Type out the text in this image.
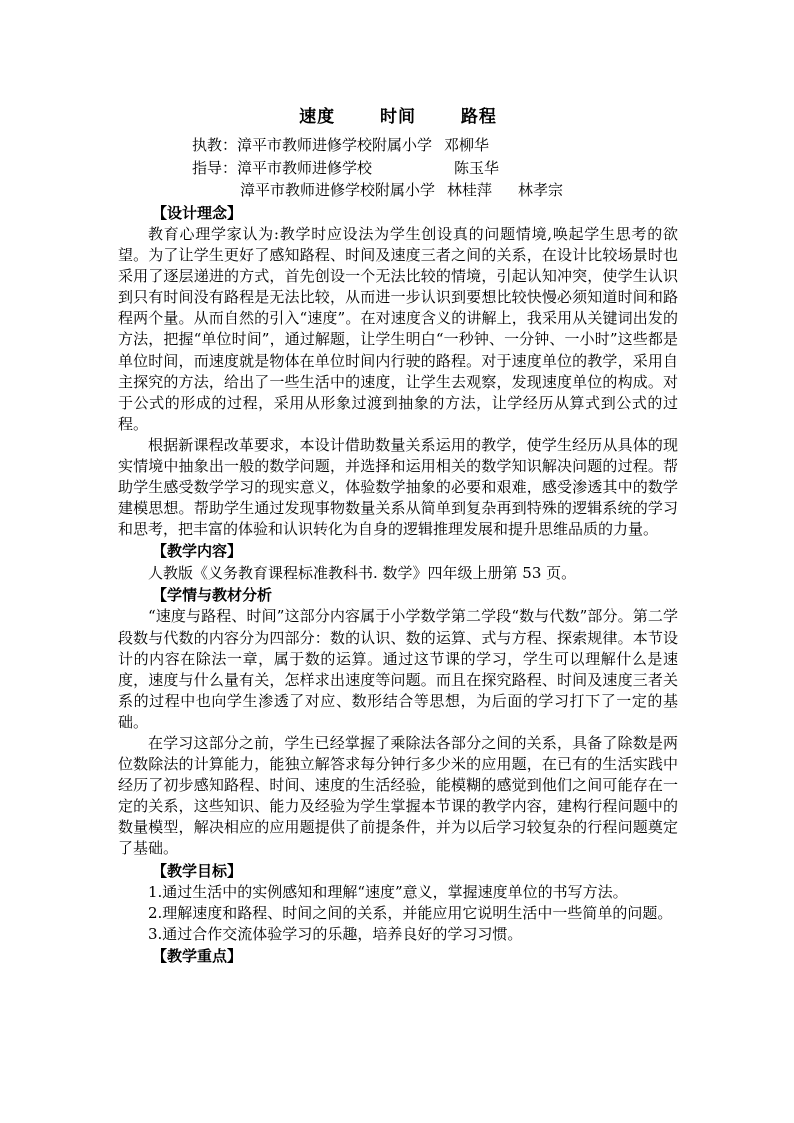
速度　 时间　 路程
执教：漳平市教师进修学校附属小学 邓柳华
指导：漳平市教师进修学校	陈玉华
漳平市教师进修学校附属小学 林桂萍 林孝宗
【设计理念】

教育心理学家认为:教学时应设法为学生创设真的问题情境,唤起学生思考的欲望。为了让学生更好了感知路程、时间及速度三者之间的关系，在设计比较场景时也采用了逐层递进的方式，首先创设一个无法比较的情境，引起认知冲突，使学生认识到只有时间没有路程是无法比较，从而进一步认识到要想比较快慢必须知道时间和路程两个量。从而自然的引入“速度”。在对速度含义的讲解上，我采用从关键词出发的方法，把握“单位时间”，通过解题，让学生明白“一秒钟、一分钟、一小时”这些都是单位时间，而速度就是物体在单位时间内行驶的路程。对于速度单位的教学，采用自主探究的方法，给出了一些生活中的速度，让学生去观察，发现速度单位的构成。对于公式的形成的过程，采用从形象过渡到抽象的方法，让学经历从算式到公式的过程。

根据新课程改革要求，本设计借助数量关系运用的教学，使学生经历从具体的现实情境中抽象出一般的数学问题，并选择和运用相关的数学知识解决问题的过程。帮助学生感受数学学习的现实意义，体验数学抽象的必要和艰难，感受渗透其中的数学建模思想。帮助学生通过发现事物数量关系从简单到复杂再到特殊的逻辑系统的学习和思考，把丰富的体验和认识转化为自身的逻辑推理发展和提升思维品质的力量。

【教学内容】

人教版《义务教育课程标准教科书. 数学》四年级上册第 53 页。

【学情与教材分析

“速度与路程、时间”这部分内容属于小学数学第二学段“数与代数”部分。第二学段数与代数的内容分为四部分：数的认识、数的运算、式与方程、探索规律。本节设计的内容在除法一章，属于数的运算。通过这节课的学习，学生可以理解什么是速度，速度与什么量有关，怎样求出速度等问题。而且在探究路程、时间及速度三者关系的过程中也向学生渗透了对应、数形结合等思想，为后面的学习打下了一定的基础。

在学习这部分之前，学生已经掌握了乘除法各部分之间的关系，具备了除数是两位数除法的计算能力，能独立解答求每分钟行多少米的应用题，在已有的生活实践中经历了初步感知路程、时间、速度的生活经验，能模糊的感觉到他们之间可能存在一定的关系，这些知识、能力及经验为学生掌握本节课的教学内容，建构行程问题中的数量模型，解决相应的应用题提供了前提条件，并为以后学习较复杂的行程问题奠定了基础。

【教学目标】

1.通过生活中的实例感知和理解“速度”意义，掌握速度单位的书写方法。

2.理解速度和路程、时间之间的关系，并能应用它说明生活中一些简单的问题。

3.通过合作交流体验学习的乐趣，培养良好的学习习惯。

【教学重点】
